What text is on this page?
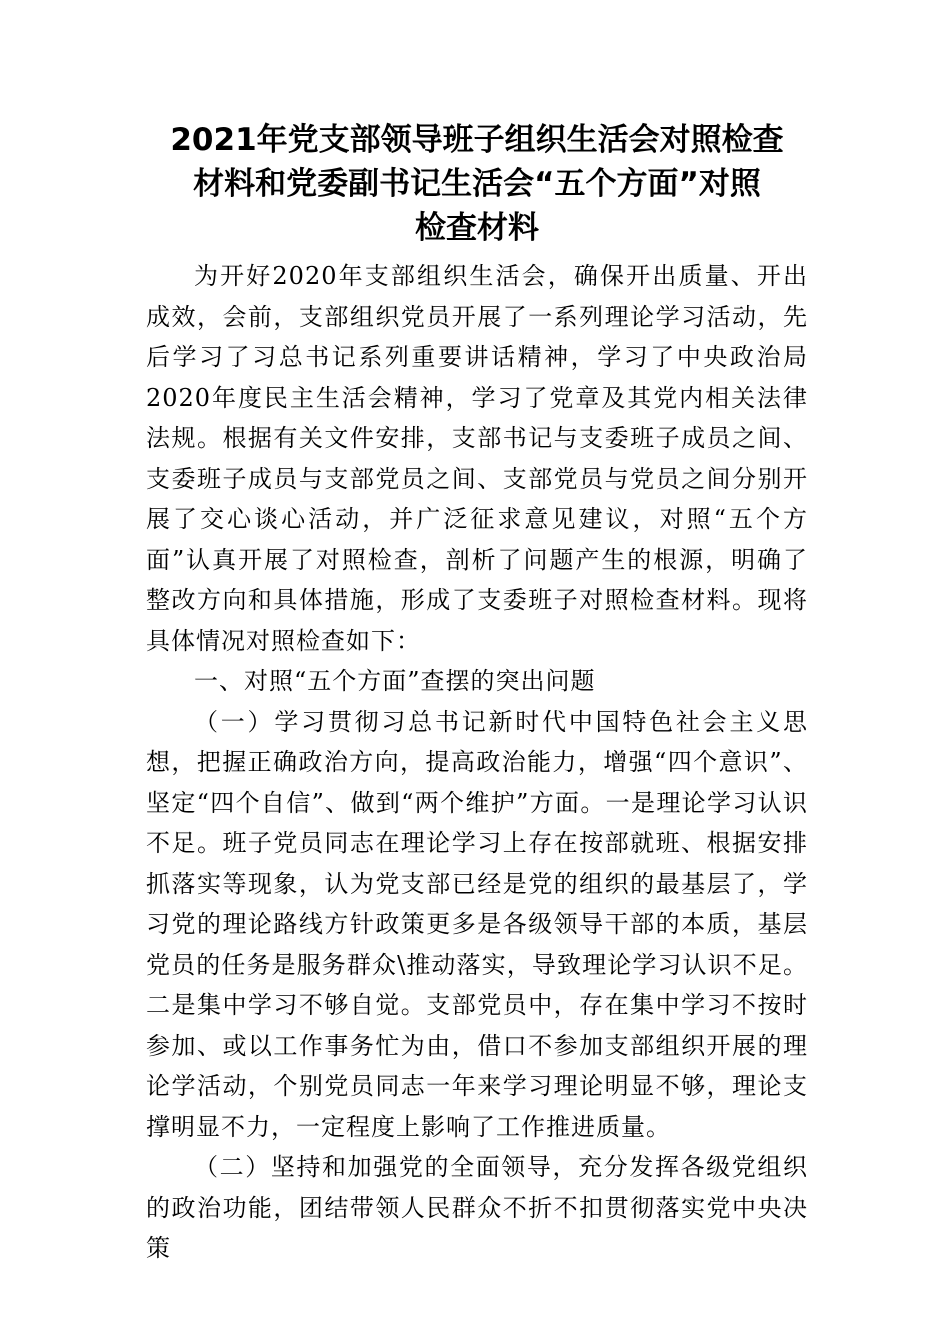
2021年党支部领导班子组织生活会对照检查
材料和党委副书记生活会“五个方面”对照
检查材料

为开好2020年支部组织生活会，确保开出质量、开出成效，会前，支部组织党员开展了一系列理论学习活动，先后学习了习总书记系列重要讲话精神，学习了中央政治局2020年度民主生活会精神，学习了党章及其党内相关法律法规。根据有关文件安排，支部书记与支委班子成员之间、支委班子成员与支部党员之间、支部党员与党员之间分别开展了交心谈心活动，并广泛征求意见建议，对照“五个方面”认真开展了对照检查，剖析了问题产生的根源，明确了整改方向和具体措施，形成了支委班子对照检查材料。现将具体情况对照检查如下：

一、对照“五个方面”查摆的突出问题

（一）学习贯彻习总书记新时代中国特色社会主义思想，把握正确政治方向，提高政治能力，增强“四个意识”、坚定“四个自信”、做到“两个维护”方面。一是理论学习认识不足。班子党员同志在理论学习上存在按部就班、根据安排抓落实等现象，认为党支部已经是党的组织的最基层了，学习党的理论路线方针政策更多是各级领导干部的本质，基层党员的任务是服务群众\推动落实，导致理论学习认识不足。二是集中学习不够自觉。支部党员中，存在集中学习不按时参加、或以工作事务忙为由，借口不参加支部组织开展的理论学活动，个别党员同志一年来学习理论明显不够，理论支撑明显不力，一定程度上影响了工作推进质量。

（二）坚持和加强党的全面领导，充分发挥各级党组织的政治功能，团结带领人民群众不折不扣贯彻落实党中央决策
